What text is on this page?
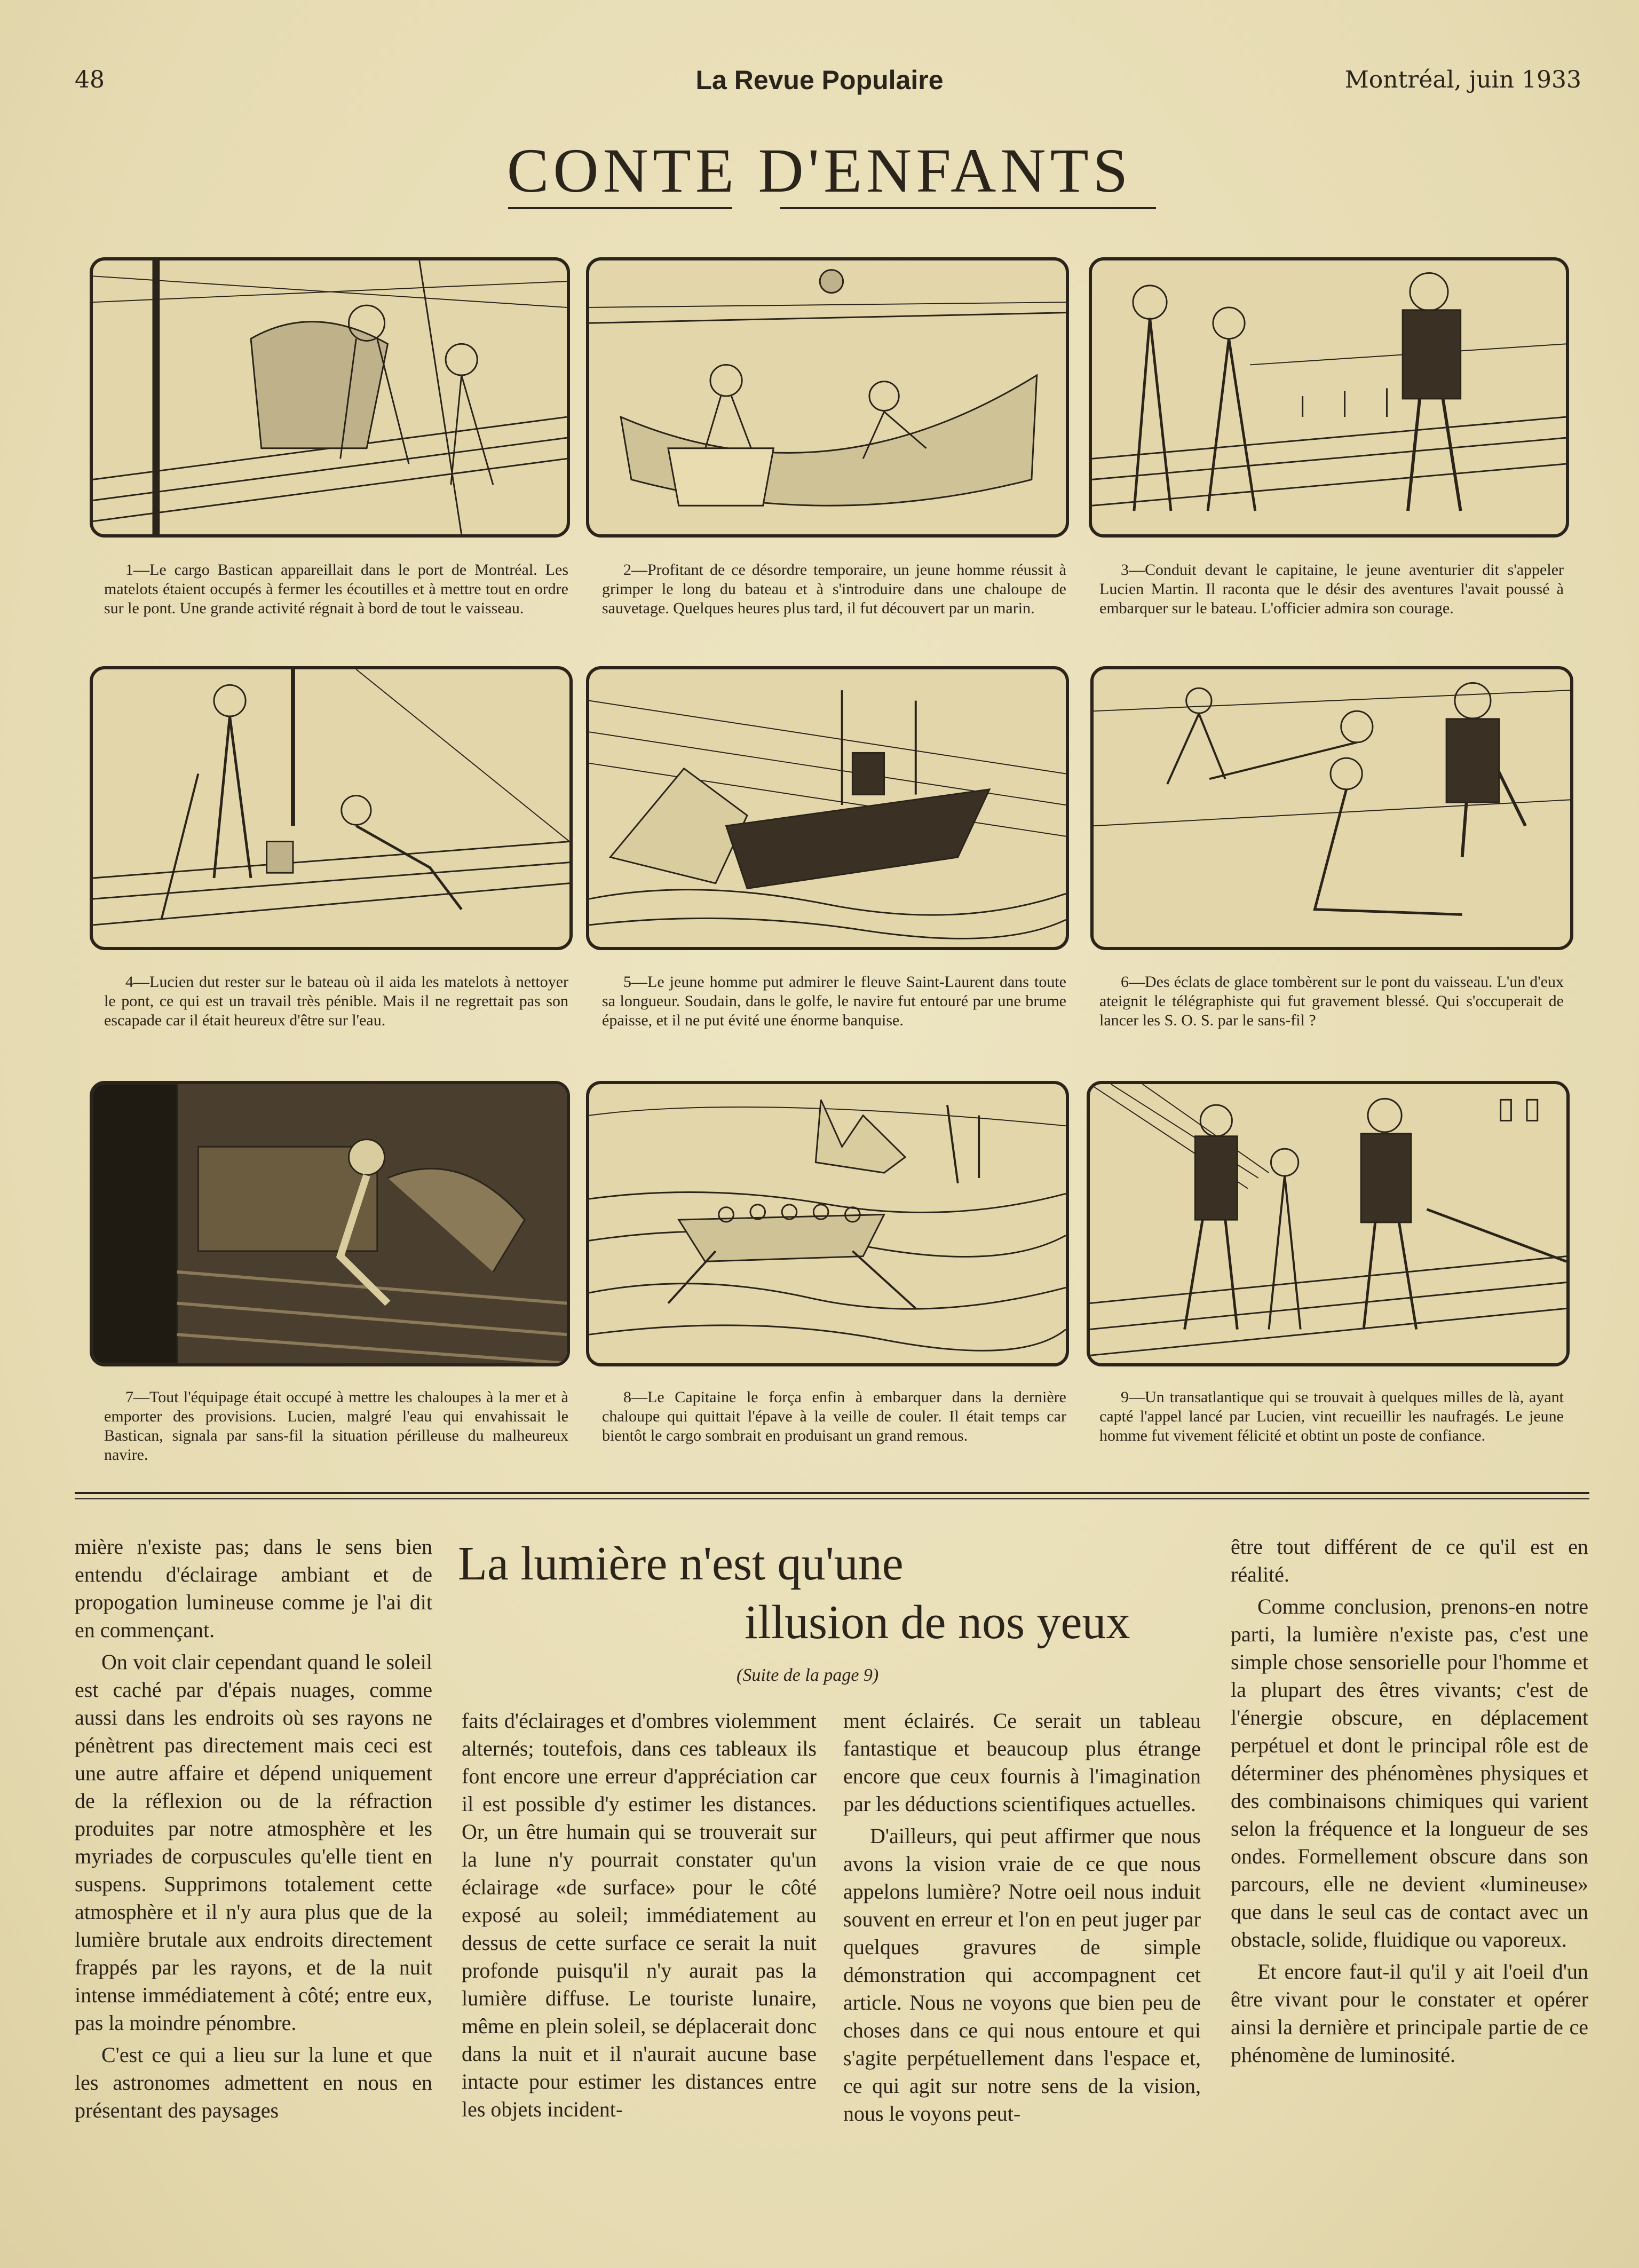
48	La Revue Populaire	Montréal, juin 1933
CONTE D'ENFANTS

1—Le cargo Bastican appareillait dans le port de Montréal. Les matelots étaient occupés à fermer les écoutilles et à mettre tout en ordre sur le pont. Une grande activité régnait à bord de tout le vaisseau.

2—Profitant de ce désordre temporaire, un jeune homme réussit à grimper le long du bateau et à s'introduire dans une chaloupe de sauvetage. Quelques heures plus tard, il fut découvert par un marin.

3—Conduit devant le capitaine, le jeune aventurier dit s'appeler Lucien Martin. Il raconta que le désir des aventures l'avait poussé à embarquer sur le bateau. L'officier admira son courage.

4—Lucien dut rester sur le bateau où il aida les matelots à nettoyer le pont, ce qui est un travail très pénible. Mais il ne regrettait pas son escapade car il était heureux d'être sur l'eau.

5—Le jeune homme put admirer le fleuve Saint-Laurent dans toute sa longueur. Soudain, dans le golfe, le navire fut entouré par une brume épaisse, et il ne put évité une énorme banquise.

6—Des éclats de glace tombèrent sur le pont du vaisseau. L'un d'eux ateignit le télégraphiste qui fut gravement blessé. Qui s'occuperait de lancer les S. O. S. par le sans-fil ?

7—Tout l'équipage était occupé à mettre les chaloupes à la mer et à emporter des provisions. Lucien, malgré l'eau qui envahissait le Bastican, signala par sans-fil la situation périlleuse du malheureux navire.

8—Le Capitaine le força enfin à embarquer dans la dernière chaloupe qui quittait l'épave à la veille de couler. Il était temps car bientôt le cargo sombrait en produisant un grand remous.

9—Un transatlantique qui se trouvait à quelques milles de là, ayant capté l'appel lancé par Lucien, vint recueillir les naufragés. Le jeune homme fut vivement félicité et obtint un poste de confiance.

La lumière n'est qu'une
illusion de nos yeux
(Suite de la page 9)

mière n'existe pas; dans le sens bien entendu d'éclairage ambiant et de propogation lumineuse comme je l'ai dit en commençant.

On voit clair cependant quand le soleil est caché par d'épais nuages, comme aussi dans les endroits où ses rayons ne pénètrent pas directement mais ceci est une autre affaire et dépend uniquement de la réflexion ou de la réfraction produites par notre atmosphère et les myriades de corpuscules qu'elle tient en suspens. Supprimons totalement cette atmosphère et il n'y aura plus que de la lumière brutale aux endroits directement frappés par les rayons, et de la nuit intense immédiatement à côté; entre eux, pas la moindre pénombre.

C'est ce qui a lieu sur la lune et que les astronomes admettent en nous en présentant des paysages

faits d'éclairages et d'ombres violemment alternés; toutefois, dans ces tableaux ils font encore une erreur d'appréciation car il est possible d'y estimer les distances. Or, un être humain qui se trouverait sur la lune n'y pourrait constater qu'un éclairage «de surface» pour le côté exposé au soleil; immédiatement au dessus de cette surface ce serait la nuit profonde puisqu'il n'y aurait pas la lumière diffuse. Le touriste lunaire, même en plein soleil, se déplacerait donc dans la nuit et il n'aurait aucune base intacte pour estimer les distances entre les objets incident-

ment éclairés. Ce serait un tableau fantastique et beaucoup plus étrange encore que ceux fournis à l'imagination par les déductions scientifiques actuelles.

D'ailleurs, qui peut affirmer que nous avons la vision vraie de ce que nous appelons lumière? Notre oeil nous induit souvent en erreur et l'on en peut juger par quelques gravures de simple démonstration qui accompagnent cet article. Nous ne voyons que bien peu de choses dans ce qui nous entoure et qui s'agite perpétuellement dans l'espace et, ce qui agit sur notre sens de la vision, nous le voyons peut-

être tout différent de ce qu'il est en réalité.

Comme conclusion, prenons-en notre parti, la lumière n'existe pas, c'est une simple chose sensorielle pour l'homme et la plupart des êtres vivants; c'est de l'énergie obscure, en déplacement perpétuel et dont le principal rôle est de déterminer des phénomènes physiques et des combinaisons chimiques qui varient selon la fréquence et la longueur de ses ondes. Formellement obscure dans son parcours, elle ne devient «lumineuse» que dans le seul cas de contact avec un obstacle, solide, fluidique ou vaporeux.

Et encore faut-il qu'il y ait l'oeil d'un être vivant pour le constater et opérer ainsi la dernière et principale partie de ce phénomène de luminosité.
